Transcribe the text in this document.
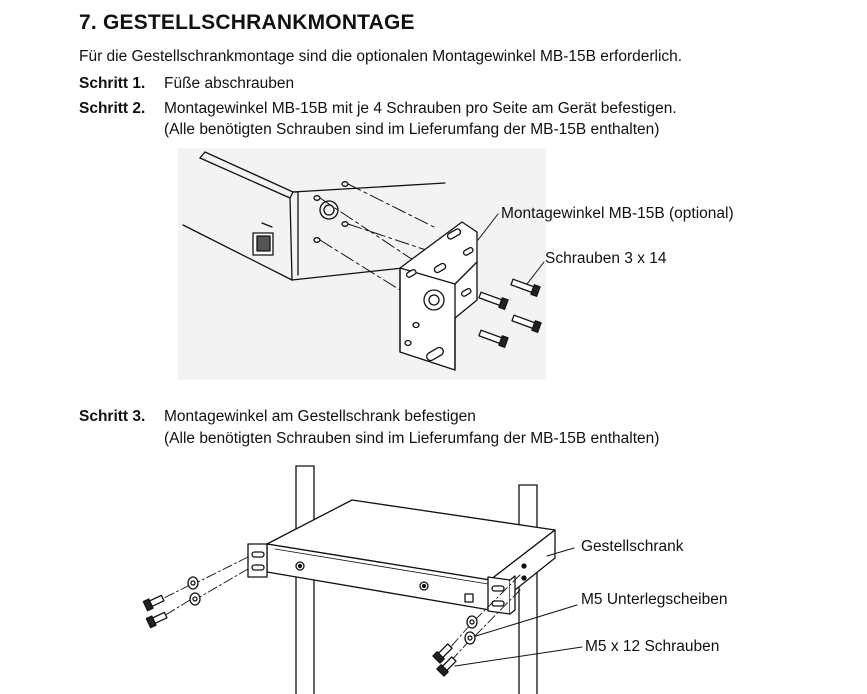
7. GESTELLSCHRANKMONTAGE
Für die Gestellschrankmontage sind die optionalen Montagewinkel MB-15B erforderlich.
Schritt 1. Füße abschrauben
Schritt 2. Montagewinkel MB-15B mit je 4 Schrauben pro Seite am Gerät befestigen.
(Alle benötigten Schrauben sind im Lieferumfang der MB-15B enthalten)
Montagewinkel MB-15B (optional)
Schrauben 3 x 14
Schritt 3. Montagewinkel am Gestellschrank befestigen
(Alle benötigten Schrauben sind im Lieferumfang der MB-15B enthalten)
Gestellschrank
M5 Unterlegscheiben
M5 x 12 Schrauben
